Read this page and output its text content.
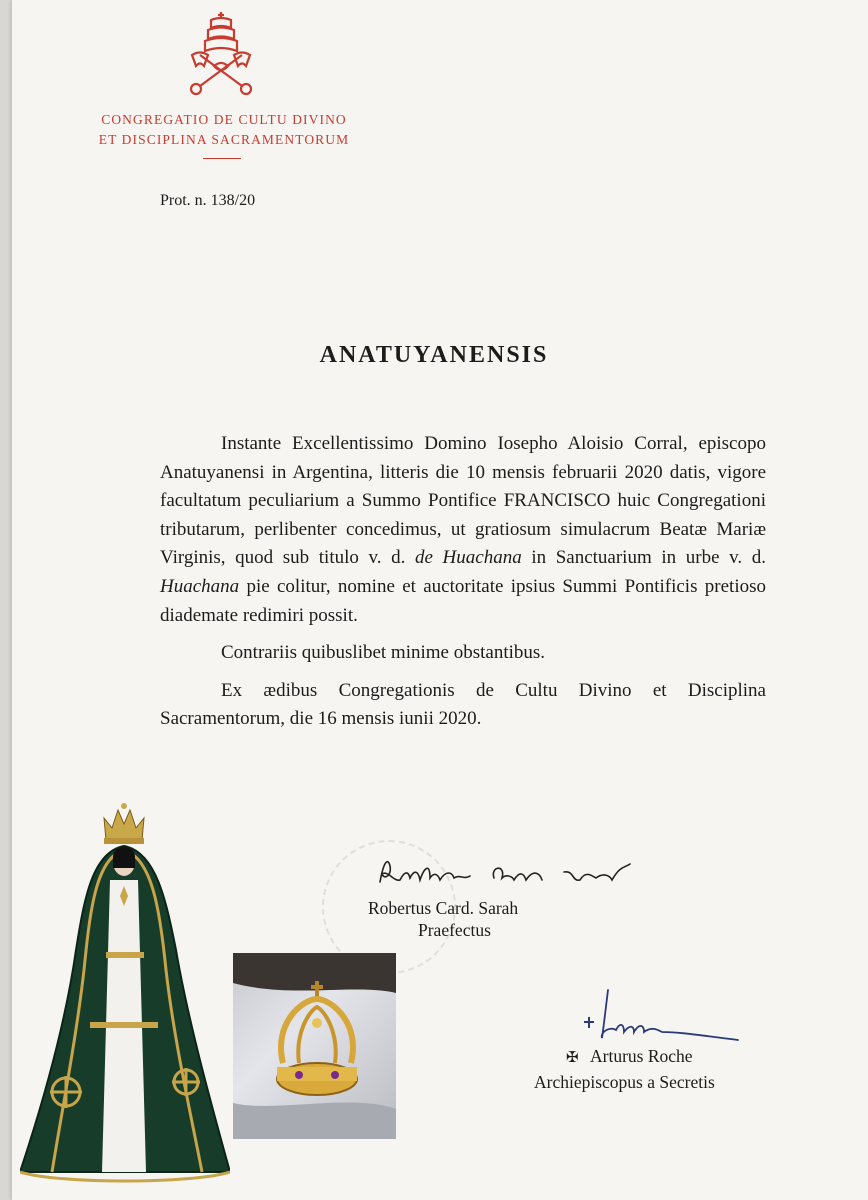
CONGREGATIO DE CULTU DIVINO
ET DISCIPLINA SACRAMENTORUM
Prot. n. 138/20
ANATUYANENSIS

Instante Excellentissimo Domino Iosepho Aloisio Corral, episcopo Anatuyanensi in Argentina, litteris die 10 mensis februarii 2020 datis, vigore facultatum peculiarium a Summo Pontifice FRANCISCO huic Congregationi tributarum, perlibenter concedimus, ut gratiosum simulacrum Beatæ Mariæ Virginis, quod sub titulo v. d. de Huachana in Sanctuarium in urbe v. d. Huachana pie colitur, nomine et auctoritate ipsius Summi Pontificis pretioso diademate redimiri possit.

Contrariis quibuslibet minime obstantibus.

Ex ædibus Congregationis de Cultu Divino et Disciplina Sacramentorum, die 16 mensis iunii 2020.

Robertus Card. Sarah
Praefectus
✠ Arturus Roche
Archiepiscopus a Secretis
